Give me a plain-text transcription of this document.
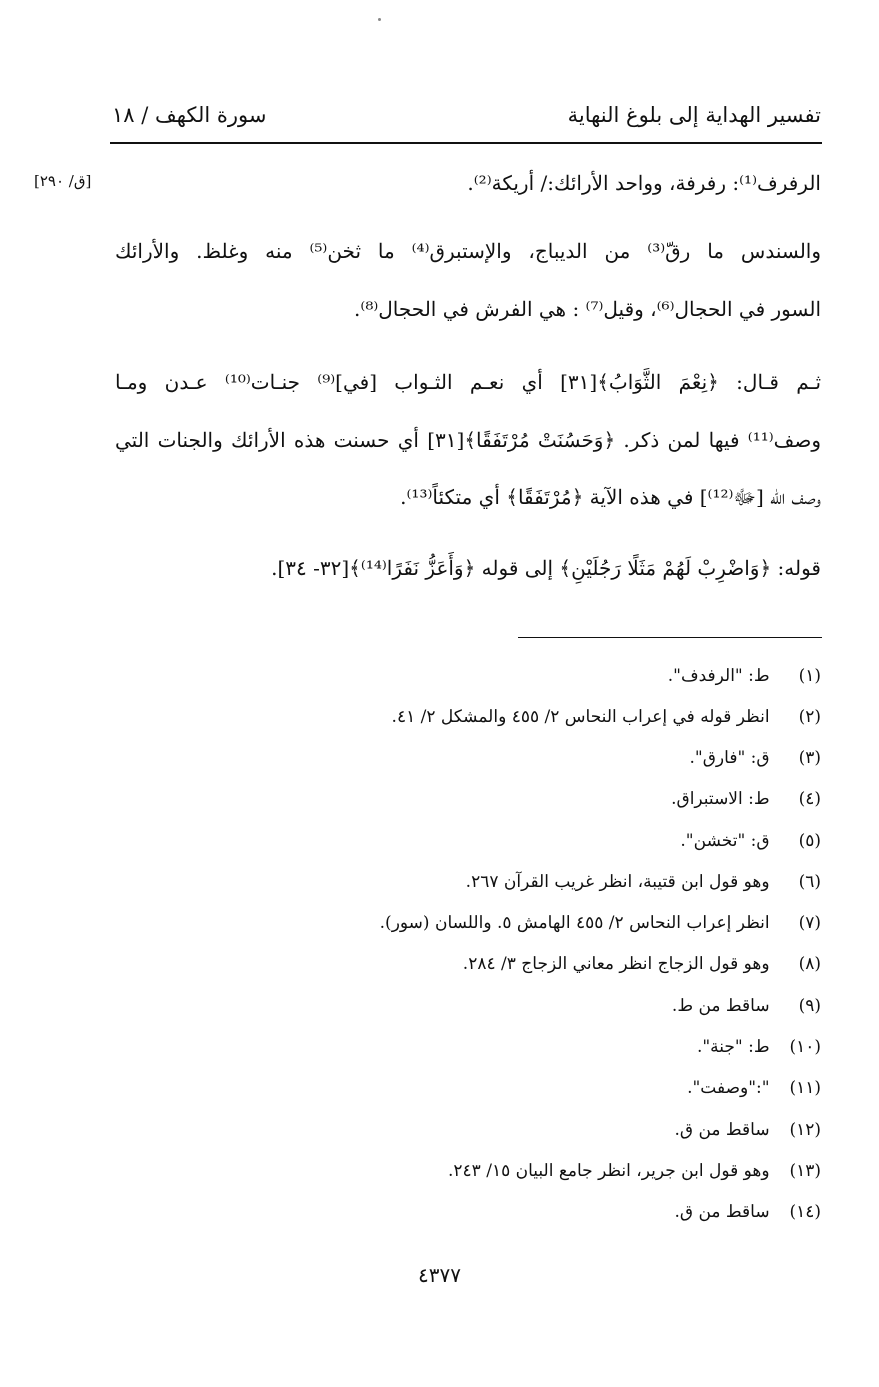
تفسير الهداية إلى بلوغ النهاية
سورة الكهف / ١٨
[ق/ ٢٩٠]	الرفرف⁽¹⁾: رفرفة، وواحد الأرائك:/ أريكة⁽²⁾.
والسندس ما رقّ⁽³⁾ من الديباج، والإستبرق⁽⁴⁾ ما ثخن⁽⁵⁾ منه وغلظ. والأرائك
السور في الحجال⁽⁶⁾، وقيل⁽⁷⁾ : هي الفرش في الحجال⁽⁸⁾.
ثـم قـال: ﴿نِعْمَ الثَّوَابُ﴾[٣١] أي نعـم الثـواب [في]⁽⁹⁾ جنـات⁽¹⁰⁾ عـدن ومـا
وصف⁽¹¹⁾ فيها لمن ذكر. ﴿وَحَسُنَتْ مُرْتَفَقًا﴾[٣١] أي حسنت هذه الأرائك والجنات التي
وصف الله [ﷻ⁽¹²⁾] في هذه الآية ﴿مُرْتَفَقًا﴾ أي متكئاً⁽¹³⁾.
قوله: ﴿وَاضْرِبْ لَهُمْ مَثَلًا رَجُلَيْنِ﴾ إلى قوله ﴿وَأَعَزُّ نَفَرًا⁽¹⁴⁾﴾[٣٢- ٣٤].
(١) ط: "الرفدف".
(٢) انظر قوله في إعراب النحاس ٢/ ٤٥٥ والمشكل ٢/ ٤١.
(٣) ق: "فارق".
(٤) ط: الاستبراق.
(٥) ق: "تخشن".
(٦) وهو قول ابن قتيبة، انظر غريب القرآن ٢٦٧.
(٧) انظر إعراب النحاس ٢/ ٤٥٥ الهامش ٥. واللسان (سور).
(٨) وهو قول الزجاج انظر معاني الزجاج ٣/ ٢٨٤.
(٩) ساقط من ط.
(١٠) ط: "جنة".
(١١) ":"وصفت".
(١٢) ساقط من ق.
(١٣) وهو قول ابن جرير، انظر جامع البيان ١٥/ ٢٤٣.
(١٤) ساقط من ق.
٤٣٧٧
